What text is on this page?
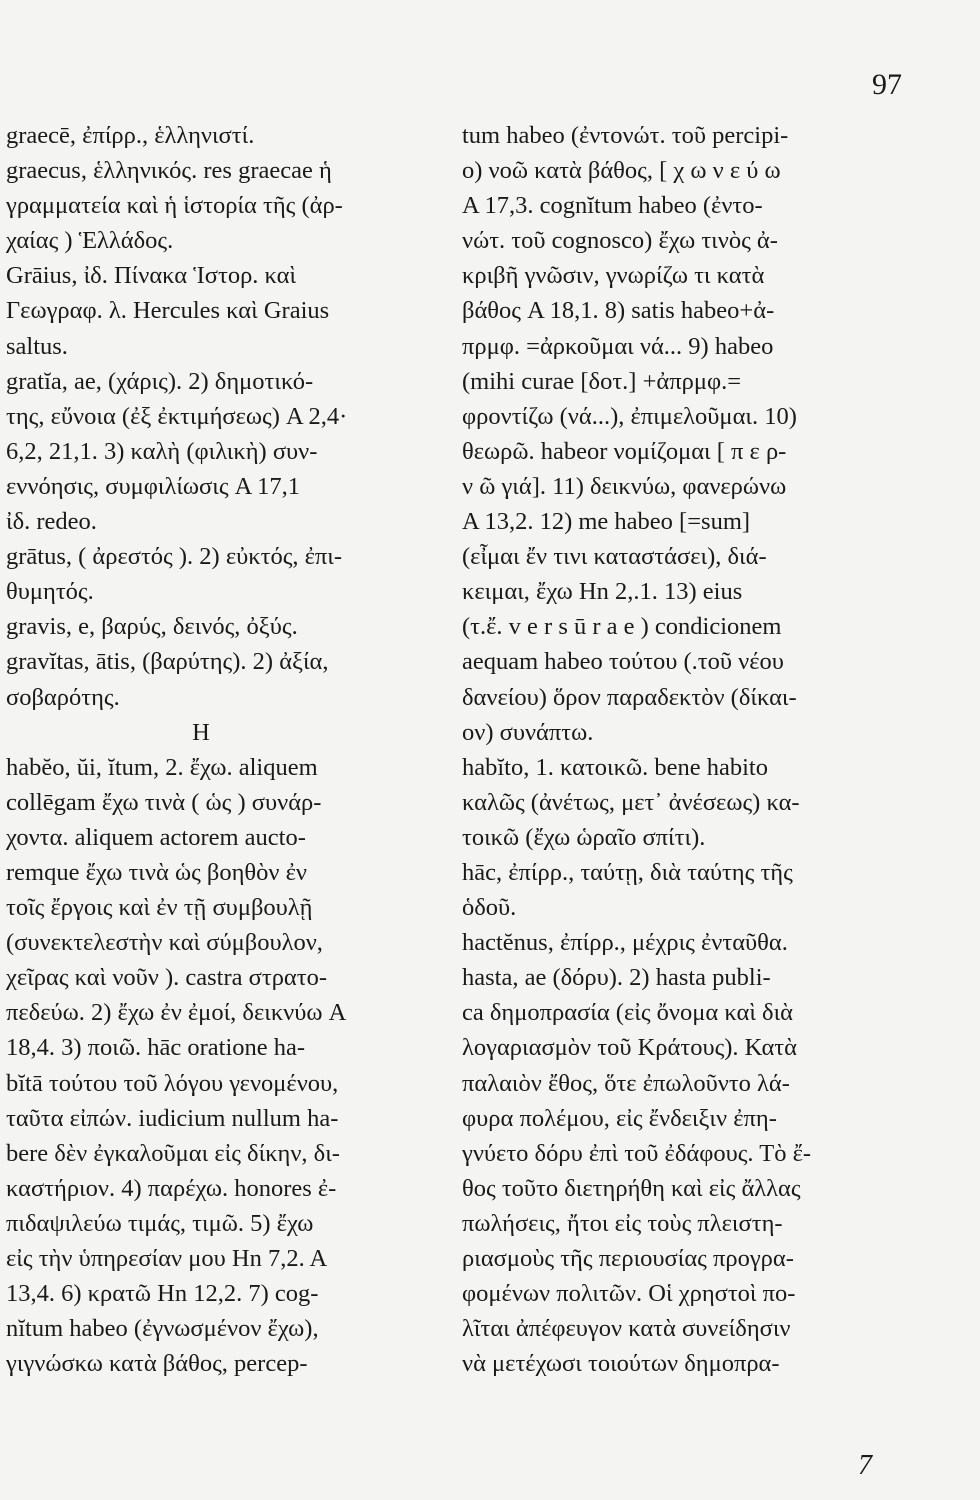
97
graecē, ἐπίρρ., ἑλληνιστί.
graecus, ἑλληνικός. res graecae ἡ
γραμματεία καὶ ἡ ἱστορία τῆς (ἀρ-
χαίας ) Ἑλλάδος.
Grāius, ἰδ. Πίνακα Ἱστορ. καὶ
Γεωγραφ. λ. Hercules καὶ Graius
saltus.
gratĭa, ae, (χάρις). 2) δημοτικό-
της, εὔνοια (ἐξ ἐκτιμήσεως) A 2,4·
6,2, 21,1. 3) καλὴ (φιλικὴ) συν-
εννόησις, συμφιλίωσις A 17,1
ἰδ. redeo.
grātus, ( ἀρεστός ). 2) εὐκτός, ἐπι-
θυμητός.
gravis, e, βαρύς, δεινός, ὀξύς.
gravĭtas, ātis, (βαρύτης). 2) ἀξία,
σοβαρότης.
H
habĕo, ŭi, ĭtum, 2. ἔχω. aliquem
collēgam ἔχω τινὰ ( ὡς ) συνάρ-
χοντα. aliquem actorem aucto-
remque ἔχω τινὰ ὡς βοηθὸν ἐν
τοῖς ἔργοις καὶ ἐν τῇ συμβουλῇ
(συνεκτελεστὴν καὶ σύμβουλον,
χεῖρας καὶ νοῦν ). castra στρατο-
πεδεύω. 2) ἔχω ἐν ἐμοί, δεικνύω A
18,4. 3) ποιῶ. hāc oratione ha-
bĭtā τούτου τοῦ λόγου γενομένου,
ταῦτα εἰπών. iudicium nullum ha-
bere δὲν ἐγκαλοῦμαι εἰς δίκην, δι-
καστήριον. 4) παρέχω. honores ἐ-
πιδαψιλεύω τιμάς, τιμῶ. 5) ἔχω
εἰς τὴν ὑπηρεσίαν μου Hn 7,2. A
13,4. 6) κρατῶ Hn 12,2. 7) cog-
nĭtum habeo (ἐγνωσμένον ἔχω),
γιγνώσκω κατὰ βάθος, percep-
tum habeo (ἐντονώτ. τοῦ percipi-
o) νοῶ κατὰ βάθος, [ χ ω ν ε ύ ω
A 17,3. cognĭtum habeo (ἐντο-
νώτ. τοῦ cognosco) ἔχω τινὸς ἀ-
κριβῆ γνῶσιν, γνωρίζω τι κατὰ
βάθος A 18,1. 8) satis habeo+ἀ-
πρμφ. =ἀρκοῦμαι νά... 9) habeo
(mihi curae [δοτ.] +ἀπρμφ.=
φροντίζω (νά...), ἐπιμελοῦμαι. 10)
θεωρῶ. habeor νομίζομαι [ π ε ρ-
ν ῶ γιά]. 11) δεικνύω, φανερώνω
A 13,2. 12) me habeo [=sum]
(εἶμαι ἔν τινι καταστάσει), διά-
κειμαι, ἔχω Hn 2,.1. 13) eius
(τ.ἔ. v e r s ū r a e ) condicionem
aequam habeo τούτου (.τοῦ νέου
δανείου) ὅρον παραδεκτὸν (δίκαι-
ον) συνάπτω.
habĭto, 1. κατοικῶ. bene habito
καλῶς (ἀνέτως, μετ᾽ ἀνέσεως) κα-
τοικῶ (ἔχω ὡραῖο σπίτι).
hāc, ἐπίρρ., ταύτῃ, διὰ ταύτης τῆς
ὁδοῦ.
hactĕnus, ἐπίρρ., μέχρις ἐνταῦθα.
hasta, ae (δόρυ). 2) hasta publi-
ca δημοπρασία (εἰς ὄνομα καὶ διὰ
λογαριασμὸν τοῦ Κράτους). Κατὰ
παλαιὸν ἔθος, ὅτε ἐπωλοῦντο λά-
φυρα πολέμου, εἰς ἔνδειξιν ἐπη-
γνύετο δόρυ ἐπὶ τοῦ ἐδάφους. Τὸ ἔ-
θος τοῦτο διετηρήθη καὶ εἰς ἄλλας
πωλήσεις, ἤτοι εἰς τοὺς πλειστη-
ριασμοὺς τῆς περιουσίας προγρα-
φομένων πολιτῶν. Οἱ χρηστοὶ πο-
λῖται ἀπέφευγον κατὰ συνείδησιν
νὰ μετέχωσι τοιούτων δημοπρα-
7
